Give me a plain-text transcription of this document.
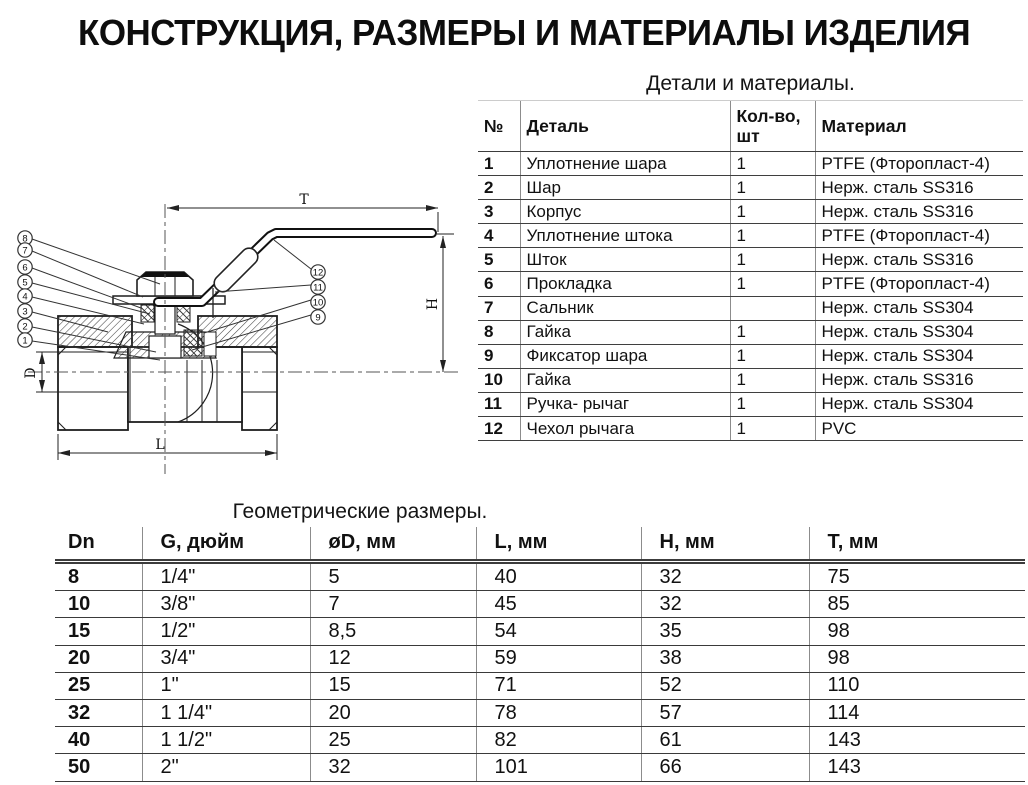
КОНСТРУКЦИЯ, РАЗМЕРЫ И МАТЕРИАЛЫ ИЗДЕЛИЯ
T
H
D
L
8
7
6
5
4
3
2
1
12
11
10
9
Детали и материалы.
№	Деталь	Кол-во, шт	Материал
1	Уплотнение шара	1	PTFE (Фторопласт-4)
2	Шар	1	Нерж. сталь SS316
3	Корпус	1	Нерж. сталь SS316
4	Уплотнение штока	1	PTFE (Фторопласт-4)
5	Шток	1	Нерж. сталь SS316
6	Прокладка	1	PTFE (Фторопласт-4)
7	Сальник		Нерж. сталь SS304
8	Гайка	1	Нерж. сталь SS304
9	Фиксатор шара	1	Нерж. сталь SS304
10	Гайка	1	Нерж. сталь SS316
11	Ручка- рычаг	1	Нерж. сталь SS304
12	Чехол рычага	1	PVC
Геометрические размеры.
Dn	G, дюйм	øD, мм	L, мм	H, мм	Т, мм
8	1/4"	5	40	32	75
10	3/8"	7	45	32	85
15	1/2"	8,5	54	35	98
20	3/4"	12	59	38	98
25	1"	15	71	52	110
32	1 1/4"	20	78	57	114
40	1 1/2"	25	82	61	143
50	2"	32	101	66	143
